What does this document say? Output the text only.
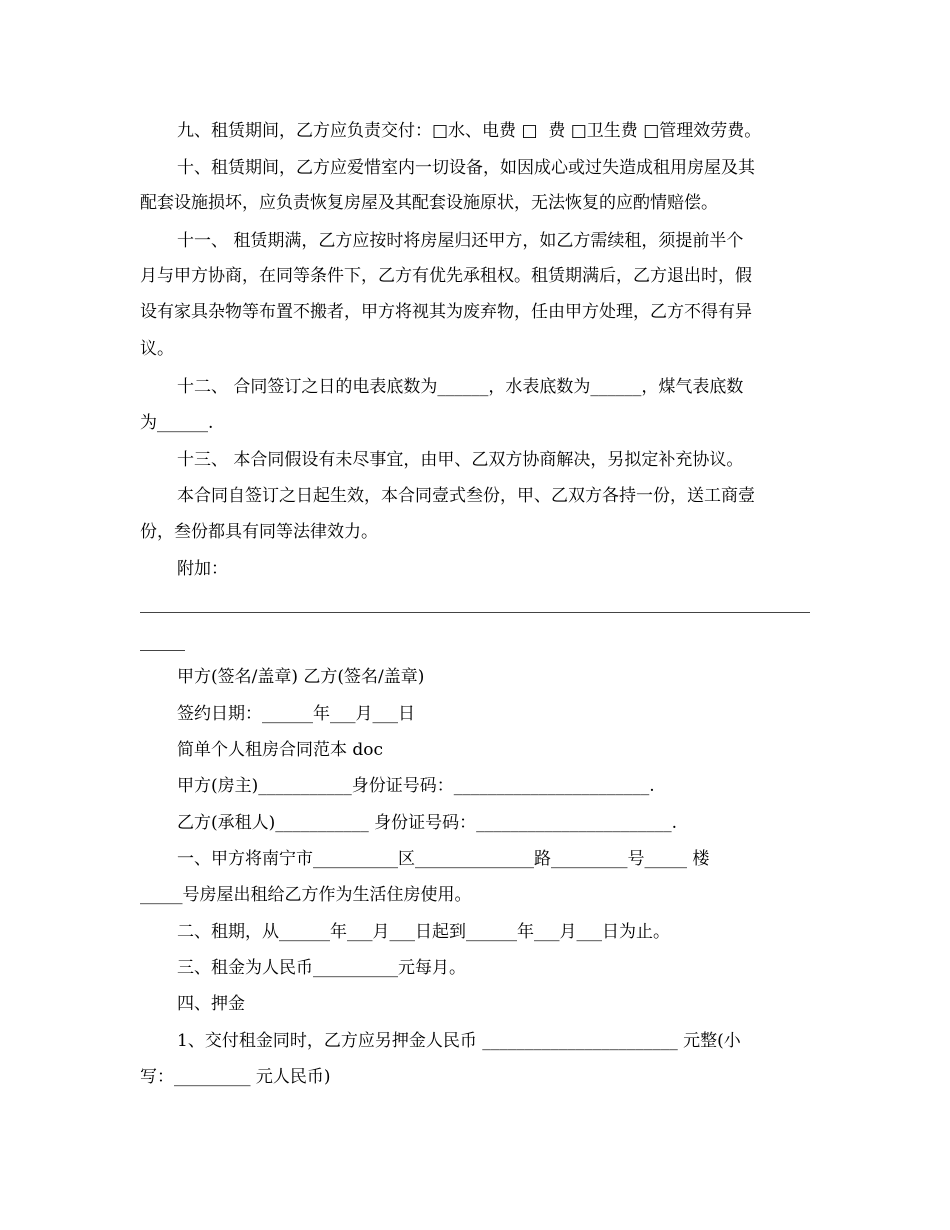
九、租赁期间，乙方应负责交付：□水、电费 □  费 □卫生费 □管理效劳费。

十、租赁期间，乙方应爱惜室内一切设备，如因成心或过失造成租用房屋及其

配套设施损坏，应负责恢复房屋及其配套设施原状，无法恢复的应酌情赔偿。

十一、 租赁期满，乙方应按时将房屋归还甲方，如乙方需续租，须提前半个

月与甲方协商，在同等条件下，乙方有优先承租权。租赁期满后，乙方退出时，假

设有家具杂物等布置不搬者，甲方将视其为废弃物，任由甲方处理，乙方不得有异

议。

十二、 合同签订之日的电表底数为______，水表底数为______，煤气表底数

为______.

十三、 本合同假设有未尽事宜，由甲、乙双方协商解决，另拟定补充协议。

本合同自签订之日起生效，本合同壹式叁份，甲、乙双方各持一份，送工商壹

份，叁份都具有同等法律效力。

附加：

甲方(签名/盖章) 乙方(签名/盖章)

签约日期：______年___月___日

简单个人租房合同范本 doc

甲方(房主)___________身份证号码：_______________________.

乙方(承租人)___________ 身份证号码：_______________________.

一、甲方将南宁市__________区______________路_________号_____ 楼

_____号房屋出租给乙方作为生活住房使用。

二、租期，从______年___月___日起到______年___月___日为止。

三、租金为人民币__________元每月。

四、押金

1、交付租金同时，乙方应另押金人民币 _______________________ 元整(小

写：_________ 元人民币)
